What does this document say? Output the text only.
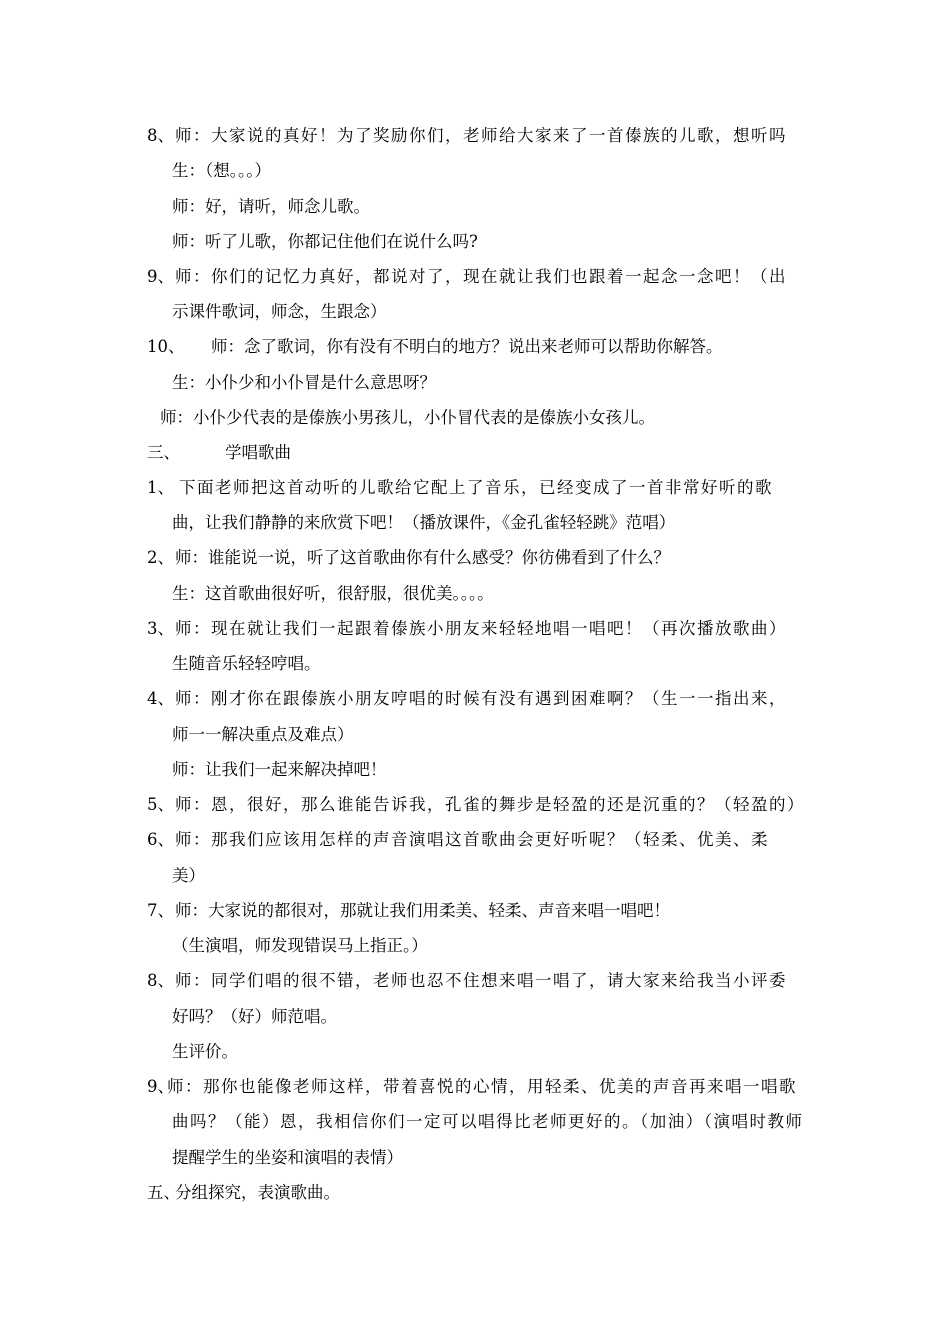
8、师：大家说的真好！为了奖励你们，老师给大家来了一首傣族的儿歌，想听吗
生：（想。。。）
师：好，请听，师念儿歌。
师：听了儿歌，你都记住他们在说什么吗?
9、师：你们的记忆力真好，都说对了，现在就让我们也跟着一起念一念吧！（出
示课件歌词，师念，生跟念）
10、 师：念了歌词，你有没有不明白的地方？说出来老师可以帮助你解答。
生：小仆少和小仆冒是什么意思呀？
师：小仆少代表的是傣族小男孩儿，小仆冒代表的是傣族小女孩儿。
三、	学唱歌曲
1、 下面老师把这首动听的儿歌给它配上了音乐，已经变成了一首非常好听的歌
曲，让我们静静的来欣赏下吧！（播放课件，《金孔雀轻轻跳》范唱）
2、师：谁能说一说，听了这首歌曲你有什么感受？你彷佛看到了什么？
生：这首歌曲很好听，很舒服，很优美。。。。
3、师：现在就让我们一起跟着傣族小朋友来轻轻地唱一唱吧！（再次播放歌曲）
生随音乐轻轻哼唱。
4、师：刚才你在跟傣族小朋友哼唱的时候有没有遇到困难啊？（生一一指出来，
师一一解决重点及难点）
师：让我们一起来解决掉吧！
5、师：恩，很好，那么谁能告诉我，孔雀的舞步是轻盈的还是沉重的？（轻盈的）
6、师：那我们应该用怎样的声音演唱这首歌曲会更好听呢？（轻柔、优美、柔
美）
7、师：大家说的都很对，那就让我们用柔美、轻柔、声音来唱一唱吧！
（生演唱，师发现错误马上指正。）
8、师：同学们唱的很不错，老师也忍不住想来唱一唱了，请大家来给我当小评委
好吗？（好）师范唱。
生评价。
9、师：那你也能像老师这样，带着喜悦的心情，用轻柔、优美的声音再来唱一唱歌
曲吗？（能）恩，我相信你们一定可以唱得比老师更好的。（加油）（演唱时教师
提醒学生的坐姿和演唱的表情）
五、分组探究，表演歌曲。
